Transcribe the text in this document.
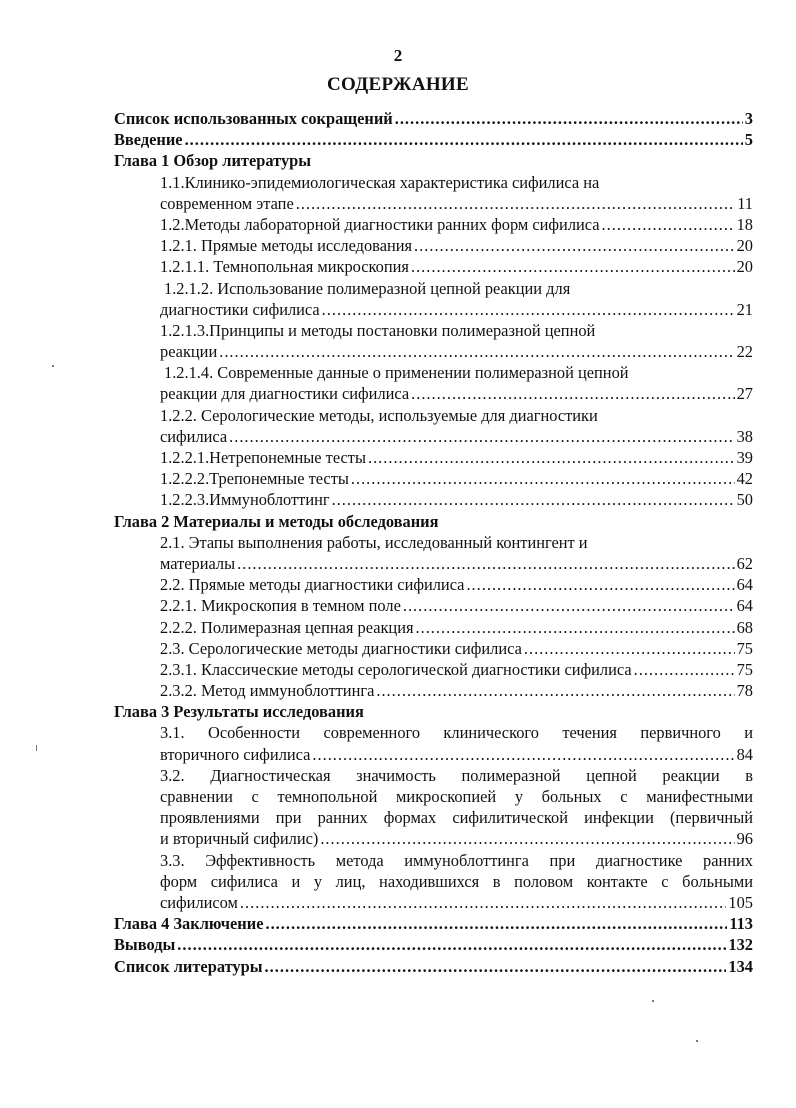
2
СОДЕРЖАНИЕ
Список использованных сокращений .....	3
Введение .....	5
Глава 1 Обзор литературы
1.1.Клинико-эпидемиологическая характеристика сифилиса на
современном этапе .....	11
1.2.Методы лабораторной диагностики ранних форм сифилиса .....	18
1.2.1. Прямые методы исследования .....	20
1.2.1.1. Темнопольная микроскопия .....	20
1.2.1.2. Использование полимеразной цепной реакции для
диагностики сифилиса .....	21
1.2.1.3.Принципы и методы постановки полимеразной цепной
реакции .....	22
1.2.1.4. Современные данные о применении полимеразной цепной
реакции для диагностики сифилиса .....	27
1.2.2. Серологические методы, используемые для диагностики
сифилиса .....	38
1.2.2.1.Нетрепонемные тесты .....	39
1.2.2.2.Трепонемные тесты .....	42
1.2.2.3.Иммуноблоттинг .....	50
Глава 2 Материалы и методы обследования
2.1. Этапы выполнения работы, исследованный контингент и
материалы .....	62
2.2. Прямые методы диагностики сифилиса .....	64
2.2.1. Микроскопия в темном поле .....	64
2.2.2. Полимеразная цепная реакция .....	68
2.3. Серологические методы диагностики сифилиса .....	75
2.3.1. Классические методы серологической диагностики сифилиса .....	75
2.3.2. Метод иммуноблоттинга .....	78
Глава 3 Результаты исследования
3.1. Особенности современного клинического течения первичного и
вторичного сифилиса .....	84
3.2. Диагностическая значимость полимеразной цепной реакции в
сравнении с темнопольной микроскопией у больных с манифестными
проявлениями при ранних формах сифилитической инфекции (первичный
и вторичный сифилис) .....	96
3.3. Эффективность метода иммуноблоттинга при диагностике ранних
форм сифилиса и у лиц, находившихся в половом контакте с больными
сифилисом .....	105
Глава 4 Заключение .....	113
Выводы .....	132
Список литературы .....	134
